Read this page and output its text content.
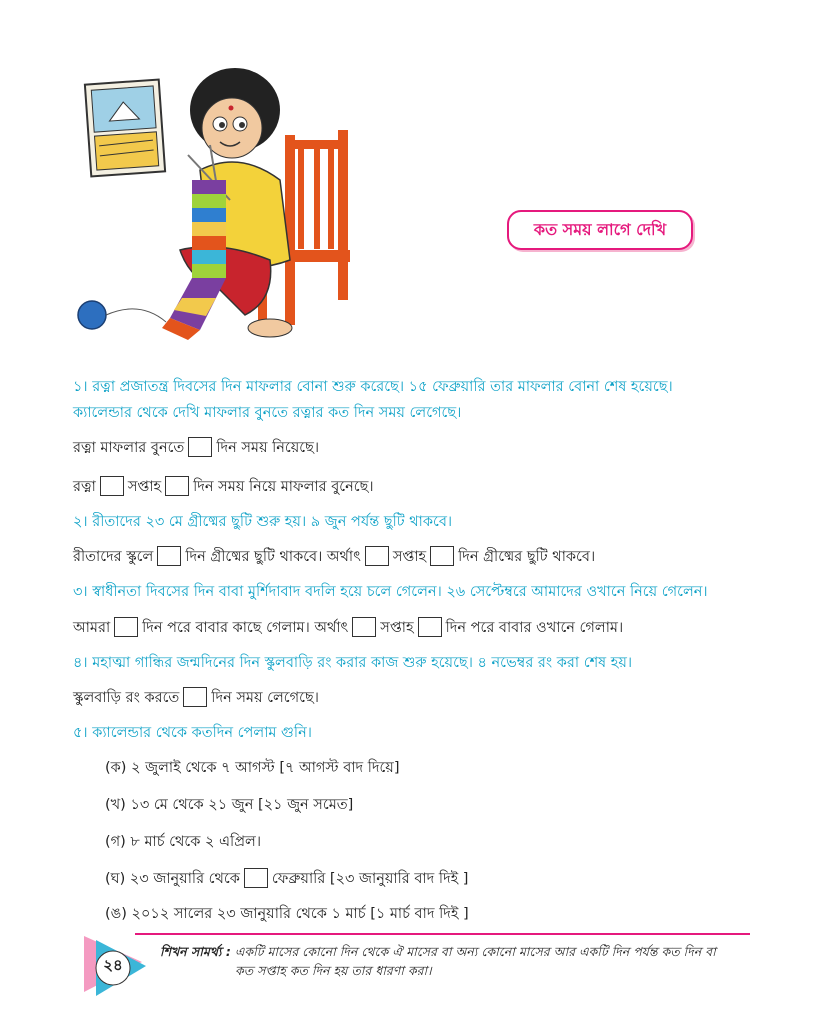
কত সময় লাগে দেখি
১। রত্না প্রজাতন্ত্র দিবসের দিন মাফলার বোনা শুরু করেছে। ১৫ ফেব্রুয়ারি তার মাফলার বোনা শেষ হয়েছে।
ক্যালেন্ডার থেকে দেখি মাফলার বুনতে রত্নার কত দিন সময় লেগেছে।
রত্না মাফলার বুনতে দিন সময় নিয়েছে।
রত্না সপ্তাহ দিন সময় নিয়ে মাফলার বুনেছে।
২। রীতাদের ২৩ মে গ্রীষ্মের ছুটি শুরু হয়। ৯ জুন পর্যন্ত ছুটি থাকবে।
রীতাদের স্কুলে দিন গ্রীষ্মের ছুটি থাকবে। অর্থাৎ সপ্তাহ দিন গ্রীষ্মের ছুটি থাকবে।
৩। স্বাধীনতা দিবসের দিন বাবা মুর্শিদাবাদ বদলি হয়ে চলে গেলেন। ২৬ সেপ্টেম্বরে আমাদের ওখানে নিয়ে গেলেন।
আমরা দিন পরে বাবার কাছে গেলাম। অর্থাৎ সপ্তাহ দিন পরে বাবার ওখানে গেলাম।
৪। মহাত্মা গান্ধির জন্মদিনের দিন স্কুলবাড়ি রং করার কাজ শুরু হয়েছে। ৪ নভেম্বর রং করা শেষ হয়।
স্কুলবাড়ি রং করতে দিন সময় লেগেছে।
৫। ক্যালেন্ডার থেকে কতদিন পেলাম গুনি।
(ক) ২ জুলাই থেকে ৭ আগস্ট [৭ আগস্ট বাদ দিয়ে]
(খ) ১৩ মে থেকে ২১ জুন [২১ জুন সমেত]
(গ) ৮ মার্চ থেকে ২ এপ্রিল।
(ঘ) ২৩ জানুয়ারি থেকে ফেব্রুয়ারি [২৩ জানুয়ারি বাদ দিই ]
(ঙ) ২০১২ সালের ২৩ জানুয়ারি থেকে ১ মার্চ [১ মার্চ বাদ দিই ]
২৪
শিখন সামর্থ্য : একটি মাসের কোনো দিন থেকে ঐ মাসের বা অন্য কোনো মাসের আর একটি দিন পর্যন্ত কত দিন বা
কত সপ্তাহ কত দিন হয় তার ধারণা করা।
